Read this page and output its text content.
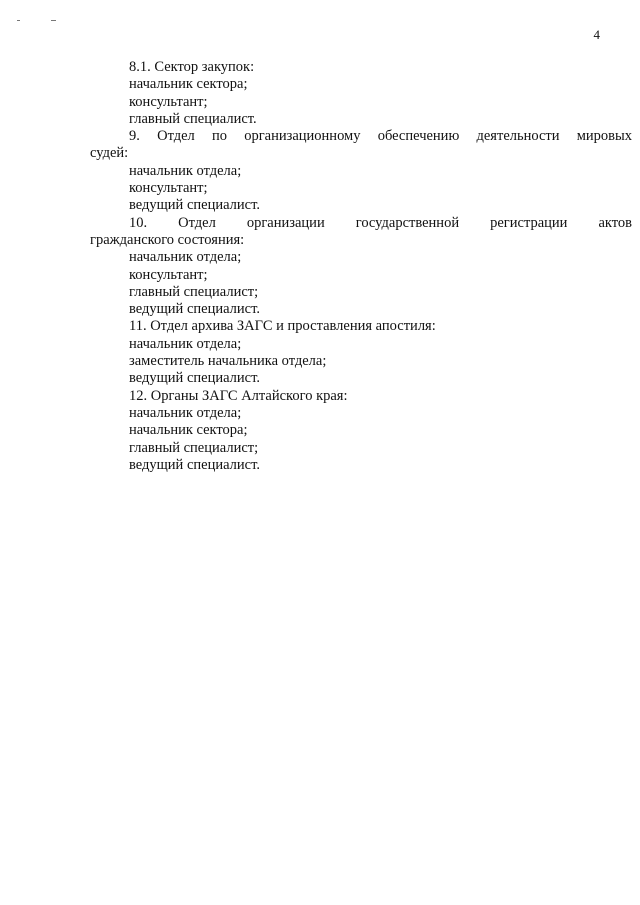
4

8.1. Сектор закупок:

начальник сектора;

консультант;

главный специалист.

9. Отдел по организационному обеспечению деятельности мировых

судей:

начальник отдела;

консультант;

ведущий специалист.

10. Отдел организации государственной регистрации актов

гражданского состояния:

начальник отдела;

консультант;

главный специалист;

ведущий специалист.

11. Отдел архива ЗАГС и проставления апостиля:

начальник отдела;

заместитель начальника отдела;

ведущий специалист.

12. Органы ЗАГС Алтайского края:

начальник отдела;

начальник сектора;

главный специалист;

ведущий специалист.
